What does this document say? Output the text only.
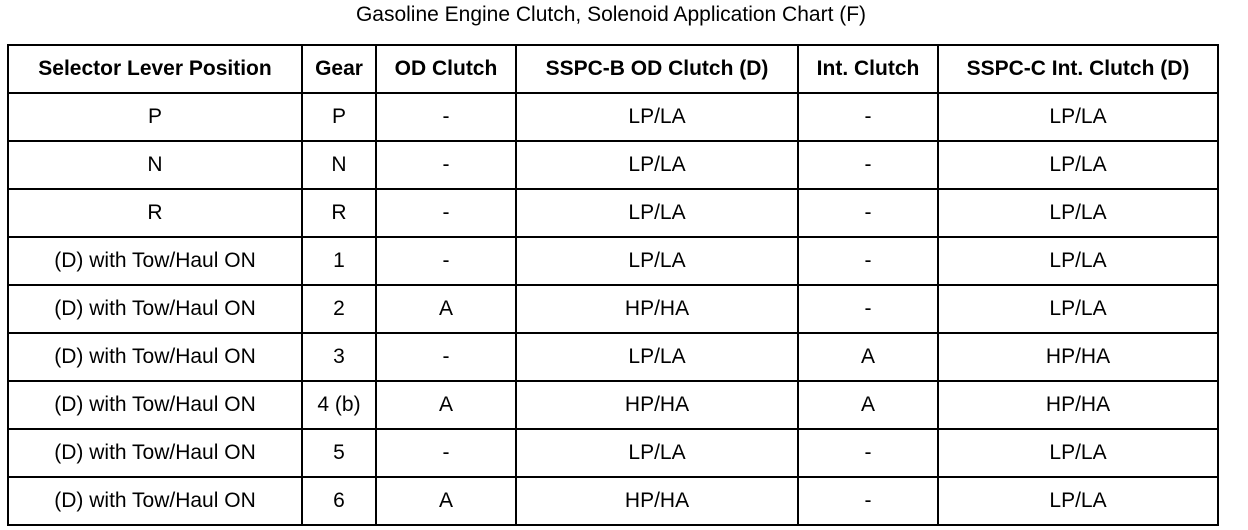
Gasoline Engine Clutch, Solenoid Application Chart (F)
Selector Lever Position	Gear	OD Clutch	SSPC-B OD Clutch (D)	Int. Clutch	SSPC-C Int. Clutch (D)
P	P	-	LP/LA	-	LP/LA
N	N	-	LP/LA	-	LP/LA
R	R	-	LP/LA	-	LP/LA
(D) with Tow/Haul ON	1	-	LP/LA	-	LP/LA
(D) with Tow/Haul ON	2	A	HP/HA	-	LP/LA
(D) with Tow/Haul ON	3	-	LP/LA	A	HP/HA
(D) with Tow/Haul ON	4 (b)	A	HP/HA	A	HP/HA
(D) with Tow/Haul ON	5	-	LP/LA	-	LP/LA
(D) with Tow/Haul ON	6	A	HP/HA	-	LP/LA
